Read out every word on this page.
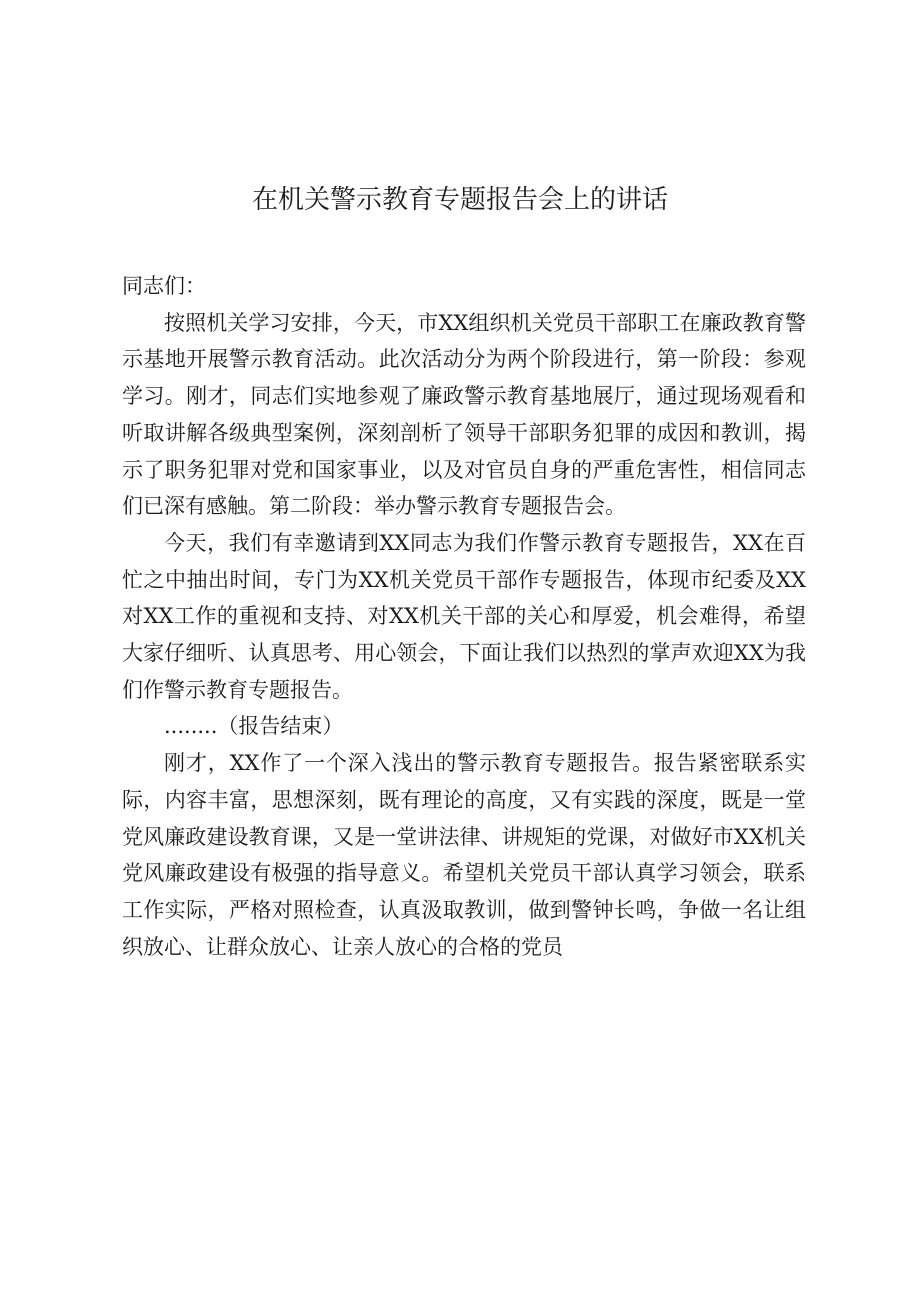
在机关警示教育专题报告会上的讲话

同志们：

按照机关学习安排，今天，市XX组织机关党员干部职工在廉政教育警示基地开展警示教育活动。此次活动分为两个阶段进行，第一阶段：参观学习。刚才，同志们实地参观了廉政警示教育基地展厅，通过现场观看和听取讲解各级典型案例，深刻剖析了领导干部职务犯罪的成因和教训，揭示了职务犯罪对党和国家事业，以及对官员自身的严重危害性，相信同志们已深有感触。第二阶段：举办警示教育专题报告会。

今天，我们有幸邀请到XX同志为我们作警示教育专题报告，XX在百忙之中抽出时间，专门为XX机关党员干部作专题报告，体现市纪委及XX对XX工作的重视和支持、对XX机关干部的关心和厚爱，机会难得，希望大家仔细听、认真思考、用心领会，下面让我们以热烈的掌声欢迎XX为我们作警示教育专题报告。

........（报告结束）

刚才，XX作了一个深入浅出的警示教育专题报告。报告紧密联系实际，内容丰富，思想深刻，既有理论的高度，又有实践的深度，既是一堂党风廉政建设教育课，又是一堂讲法律、讲规矩的党课，对做好市XX机关党风廉政建设有极强的指导意义。希望机关党员干部认真学习领会，联系工作实际，严格对照检查，认真汲取教训，做到警钟长鸣，争做一名让组织放心、让群众放心、让亲人放心的合格的党员
